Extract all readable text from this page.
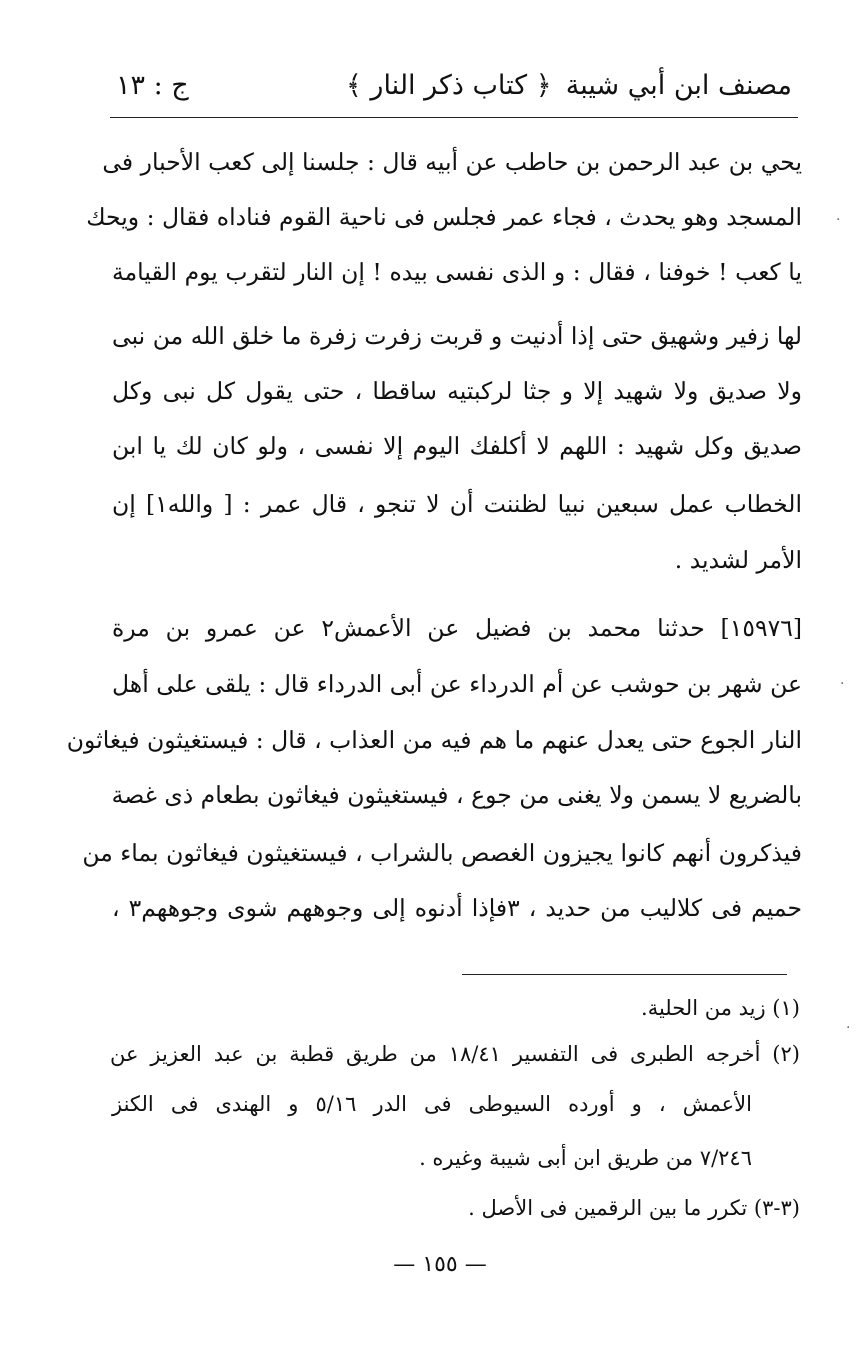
مصنف ابن أبي شيبة
﴿ كتاب ذكر النار ﴾
ج : ١٣
يحي بن عبد الرحمن بن حاطب عن أبيه قال : جلسنا إلى كعب الأحبار فى
المسجد وهو يحدث ، فجاء عمر فجلس فى ناحية القوم فناداه فقال : ويحك
يا كعب ! خوفنا ، فقال : و الذى نفسى بيده ! إن النار لتقرب يوم القيامة
لها زفير وشهيق حتى إذا أدنيت و قربت زفرت زفرة ما خلق الله من نبى
ولا صديق ولا شهيد إلا و جثا لركبتيه ساقطا ، حتى يقول كل نبى وكل
صديق وكل شهيد : اللهم لا أكلفك اليوم إلا نفسى ، ولو كان لك يا ابن
الخطاب عمل سبعين نبيا لظننت أن لا تنجو ، قال عمر : [ والله١] إن
الأمر لشديد .
[١٥٩٧٦] حدثنا محمد بن فضيل عن الأعمش٢ عن عمرو بن مرة
عن شهر بن حوشب عن أم الدرداء عن أبى الدرداء قال : يلقى على أهل
النار الجوع حتى يعدل عنهم ما هم فيه من العذاب ، قال : فيستغيثون فيغاثون
بالضريع لا يسمن ولا يغنى من جوع ، فيستغيثون فيغاثون بطعام ذى غصة
فيذكرون أنهم كانوا يجيزون الغصص بالشراب ، فيستغيثون فيغاثون بماء من
حميم فى كلاليب من حديد ، ٣فإذا أدنوه إلى وجوههم شوى وجوههم٣ ،
(١) زيد من الحلية.
(٢) أخرجه الطبرى فى التفسير ١٨/٤١ من طريق قطبة بن عبد العزيز عن
الأعمش ، و أورده السيوطى فى الدر ٥/١٦ و الهندى فى الكنز
٧/٢٤٦ من طريق ابن أبى شيبة وغيره .
(٣-٣) تكرر ما بين الرقمين فى الأصل .
— ١٥٥ —
·
·
·
